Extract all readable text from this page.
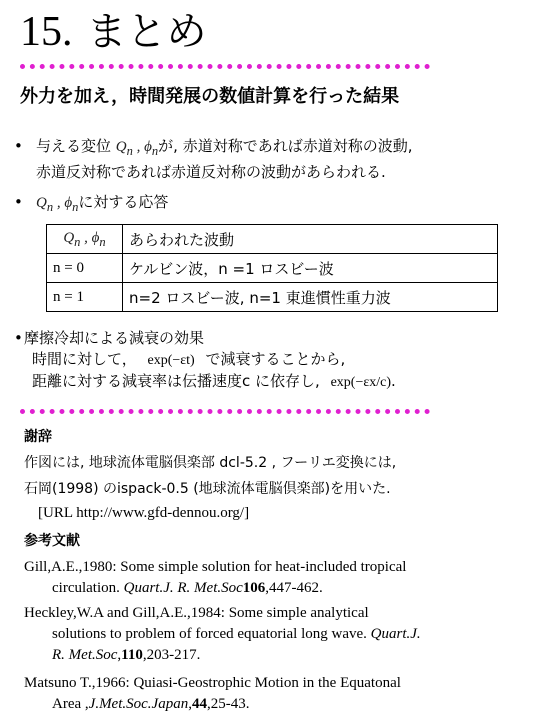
15. まとめ
外力を加え，時間発展の数値計算を行った結果
• 与える変位 $Q_n$ , $\phi_n$が, 赤道対称であれば赤道対称の波動,
赤道反対称であれば赤道反対称の波動があらわれる.
• $Q_n$ , $\phi_n$に対する応答
$Q_n$ , $\phi_n$	あらわれた波動
n = 0	ケルビン波，n =1 ロスビー波
n = 1	n=2 ロスビー波, n=1 東進慣性重力波
•摩擦冷却による減衰の効果
時間に対して， exp(−εt) で減衰することから,
距離に対する減衰率は伝播速度c に依存し, exp(−εx/c).
謝辞
作図には, 地球流体電脳倶楽部 dcl-5.2 , フーリエ変換には,
石岡(1998) のispack-0.5 (地球流体電脳倶楽部)を用いた.
[URL http://www.gfd-dennou.org/]
参考文献
Gill,A.E.,1980: Some simple solution for heat-included tropical
circulation. Quart.J. R. Met.Soc106,447-462.
Heckley,W.A and Gill,A.E.,1984: Some simple analytical
solutions to problem of forced equatorial long wave. Quart.J.
R. Met.Soc,110,203-217.
Matsuno T.,1966: Quiasi-Geostrophic Motion in the Equatonal
Area ,J.Met.Soc.Japan,44,25-43.
